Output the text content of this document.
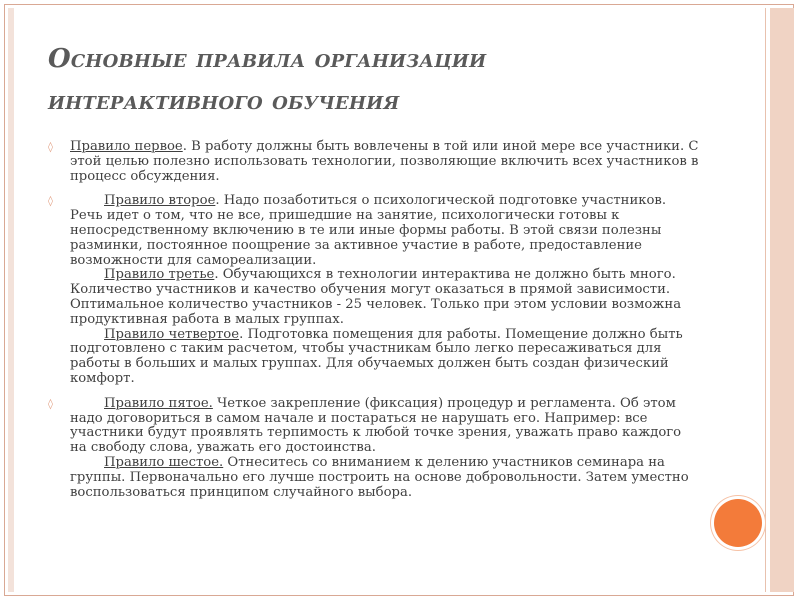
Основные правила организации
интерактивного обучения

◊	Правило первое. В работу должны быть вовлечены в той или иной мере все участники. С этой целью полезно использовать технологии, позволяющие включить всех участников в процесс обсуждения.

◊	Правило второе. Надо позаботиться о психологической подготовке участников. Речь идет о том, что не все, пришедшие на занятие, психологически готовы к непосредственному включению в те или иные формы работы. В этой связи полезны разминки, постоянное поощрение за активное участие в работе, предоставление возможности для самореализации.

Правило третье. Обучающихся в технологии интерактива не должно быть много. Количество участников и качество обучения могут оказаться в прямой зависимости. Оптимальное количество участников - 25 человек. Только при этом условии возможна продуктивная работа в малых группах.

Правило четвертое. Подготовка помещения для работы. Помещение должно быть подготовлено с таким расчетом, чтобы участникам было легко пересаживаться для работы в больших и малых группах. Для обучаемых должен быть создан физический комфорт.

◊	Правило пятое. Четкое закрепление (фиксация) процедур и регламента. Об этом надо договориться в самом начале и постараться не нарушать его. Например: все участники будут проявлять терпимость к любой точке зрения, уважать право каждого на свободу слова, уважать его достоинства.

Правило шестое. Отнеситесь со вниманием к делению участников семинара на группы. Первоначально его лучше построить на основе добровольности. Затем уместно воспользоваться принципом случайного выбора.
